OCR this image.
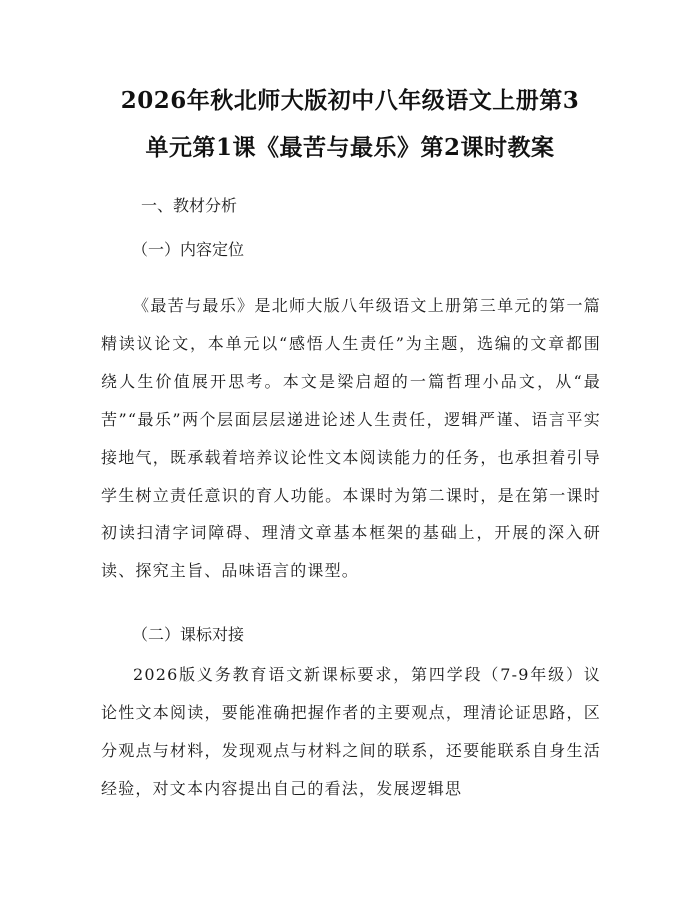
2026年秋北师大版初中八年级语文上册第3
单元第1课《最苦与最乐》第2课时教案
一、教材分析
（一）内容定位

《最苦与最乐》是北师大版八年级语文上册第三单元的第一篇精读议论文，本单元以“感悟人生责任”为主题，选编的文章都围绕人生价值展开思考。本文是梁启超的一篇哲理小品文，从“最苦”“最乐”两个层面层层递进论述人生责任，逻辑严谨、语言平实接地气，既承载着培养议论性文本阅读能力的任务，也承担着引导学生树立责任意识的育人功能。本课时为第二课时，是在第一课时初读扫清字词障碍、理清文章基本框架的基础上，开展的深入研读、探究主旨、品味语言的课型。

（二）课标对接

2026版义务教育语文新课标要求，第四学段（7-9年级）议论性文本阅读，要能准确把握作者的主要观点，理清论证思路，区分观点与材料，发现观点与材料之间的联系，还要能联系自身生活经验，对文本内容提出自己的看法，发展逻辑思
